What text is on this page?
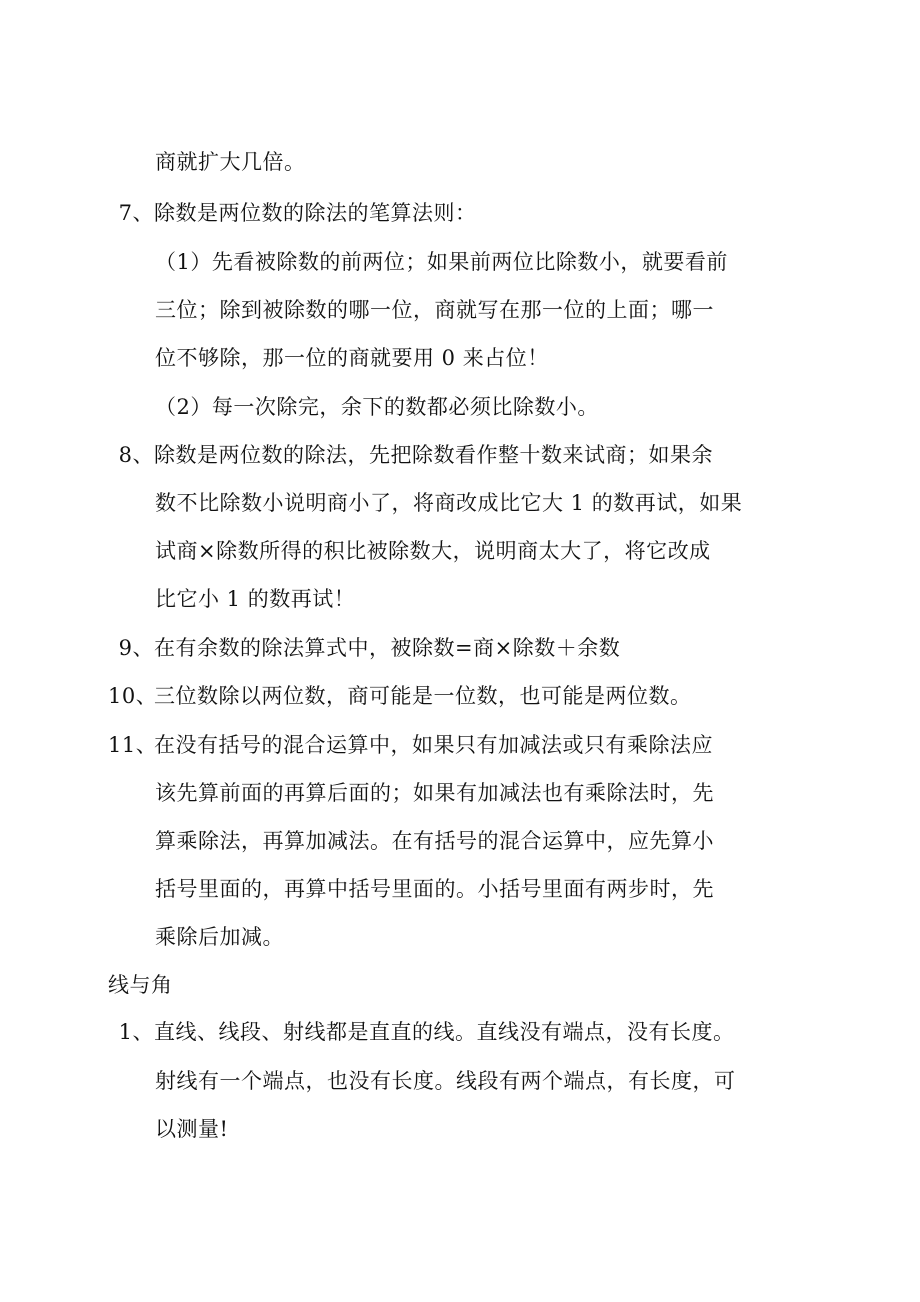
商就扩大几倍。
7、除数是两位数的除法的笔算法则：
（1）先看被除数的前两位；如果前两位比除数小，就要看前
三位；除到被除数的哪一位，商就写在那一位的上面；哪一
位不够除，那一位的商就要用 0 来占位！
（2）每一次除完，余下的数都必须比除数小。
8、除数是两位数的除法，先把除数看作整十数来试商；如果余
数不比除数小说明商小了，将商改成比它大 1 的数再试，如果
试商×除数所得的积比被除数大，说明商太大了，将它改成
比它小 1 的数再试！
9、在有余数的除法算式中，被除数=商×除数＋余数
10、三位数除以两位数，商可能是一位数，也可能是两位数。
11、在没有括号的混合运算中，如果只有加减法或只有乘除法应
该先算前面的再算后面的；如果有加减法也有乘除法时，先
算乘除法，再算加减法。在有括号的混合运算中，应先算小
括号里面的，再算中括号里面的。小括号里面有两步时，先
乘除后加减。
线与角
1、直线、线段、射线都是直直的线。直线没有端点，没有长度。
射线有一个端点，也没有长度。线段有两个端点，有长度，可
以测量!
